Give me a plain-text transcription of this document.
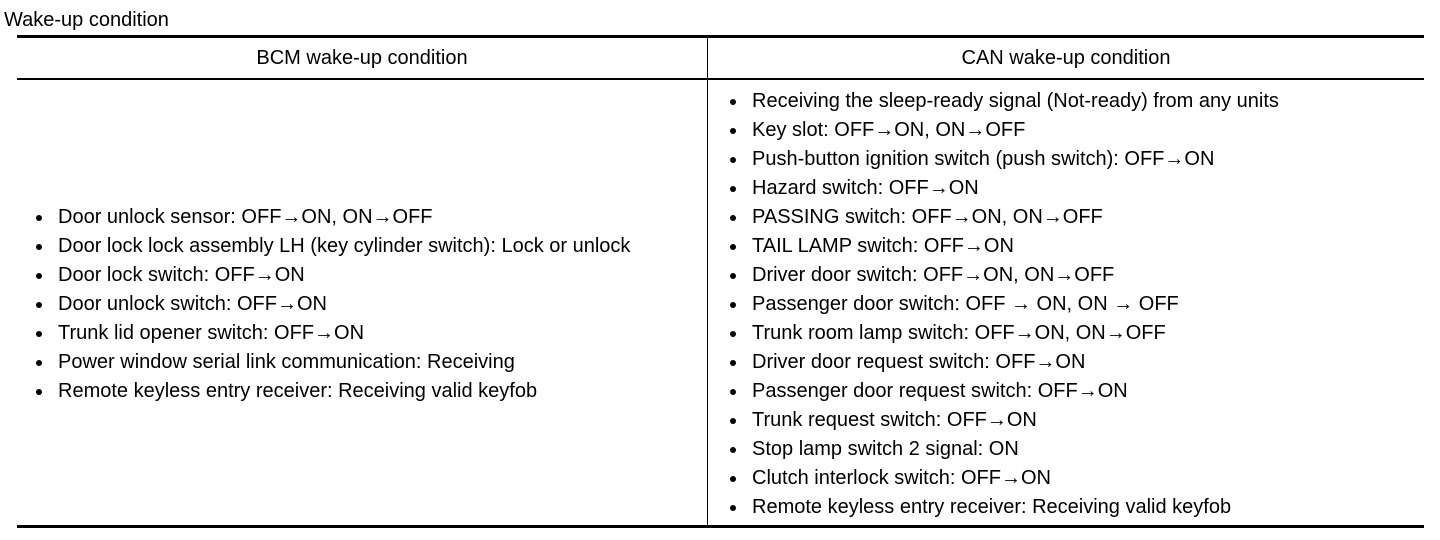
Wake-up condition
BCM wake-up condition	CAN wake-up condition
Door unlock sensor: OFF→ON, ON→OFF
Door lock lock assembly LH (key cylinder switch): Lock or unlock
Door lock switch: OFF→ON
Door unlock switch: OFF→ON
Trunk lid opener switch: OFF→ON
Power window serial link communication: Receiving
Remote keyless entry receiver: Receiving valid keyfob
Receiving the sleep-ready signal (Not-ready) from any units
Key slot: OFF→ON, ON→OFF
Push-button ignition switch (push switch): OFF→ON
Hazard switch: OFF→ON
PASSING switch: OFF→ON, ON→OFF
TAIL LAMP switch: OFF→ON
Driver door switch: OFF→ON, ON→OFF
Passenger door switch: OFF → ON, ON → OFF
Trunk room lamp switch: OFF→ON, ON→OFF
Driver door request switch: OFF→ON
Passenger door request switch: OFF→ON
Trunk request switch: OFF→ON
Stop lamp switch 2 signal: ON
Clutch interlock switch: OFF→ON
Remote keyless entry receiver: Receiving valid keyfob
